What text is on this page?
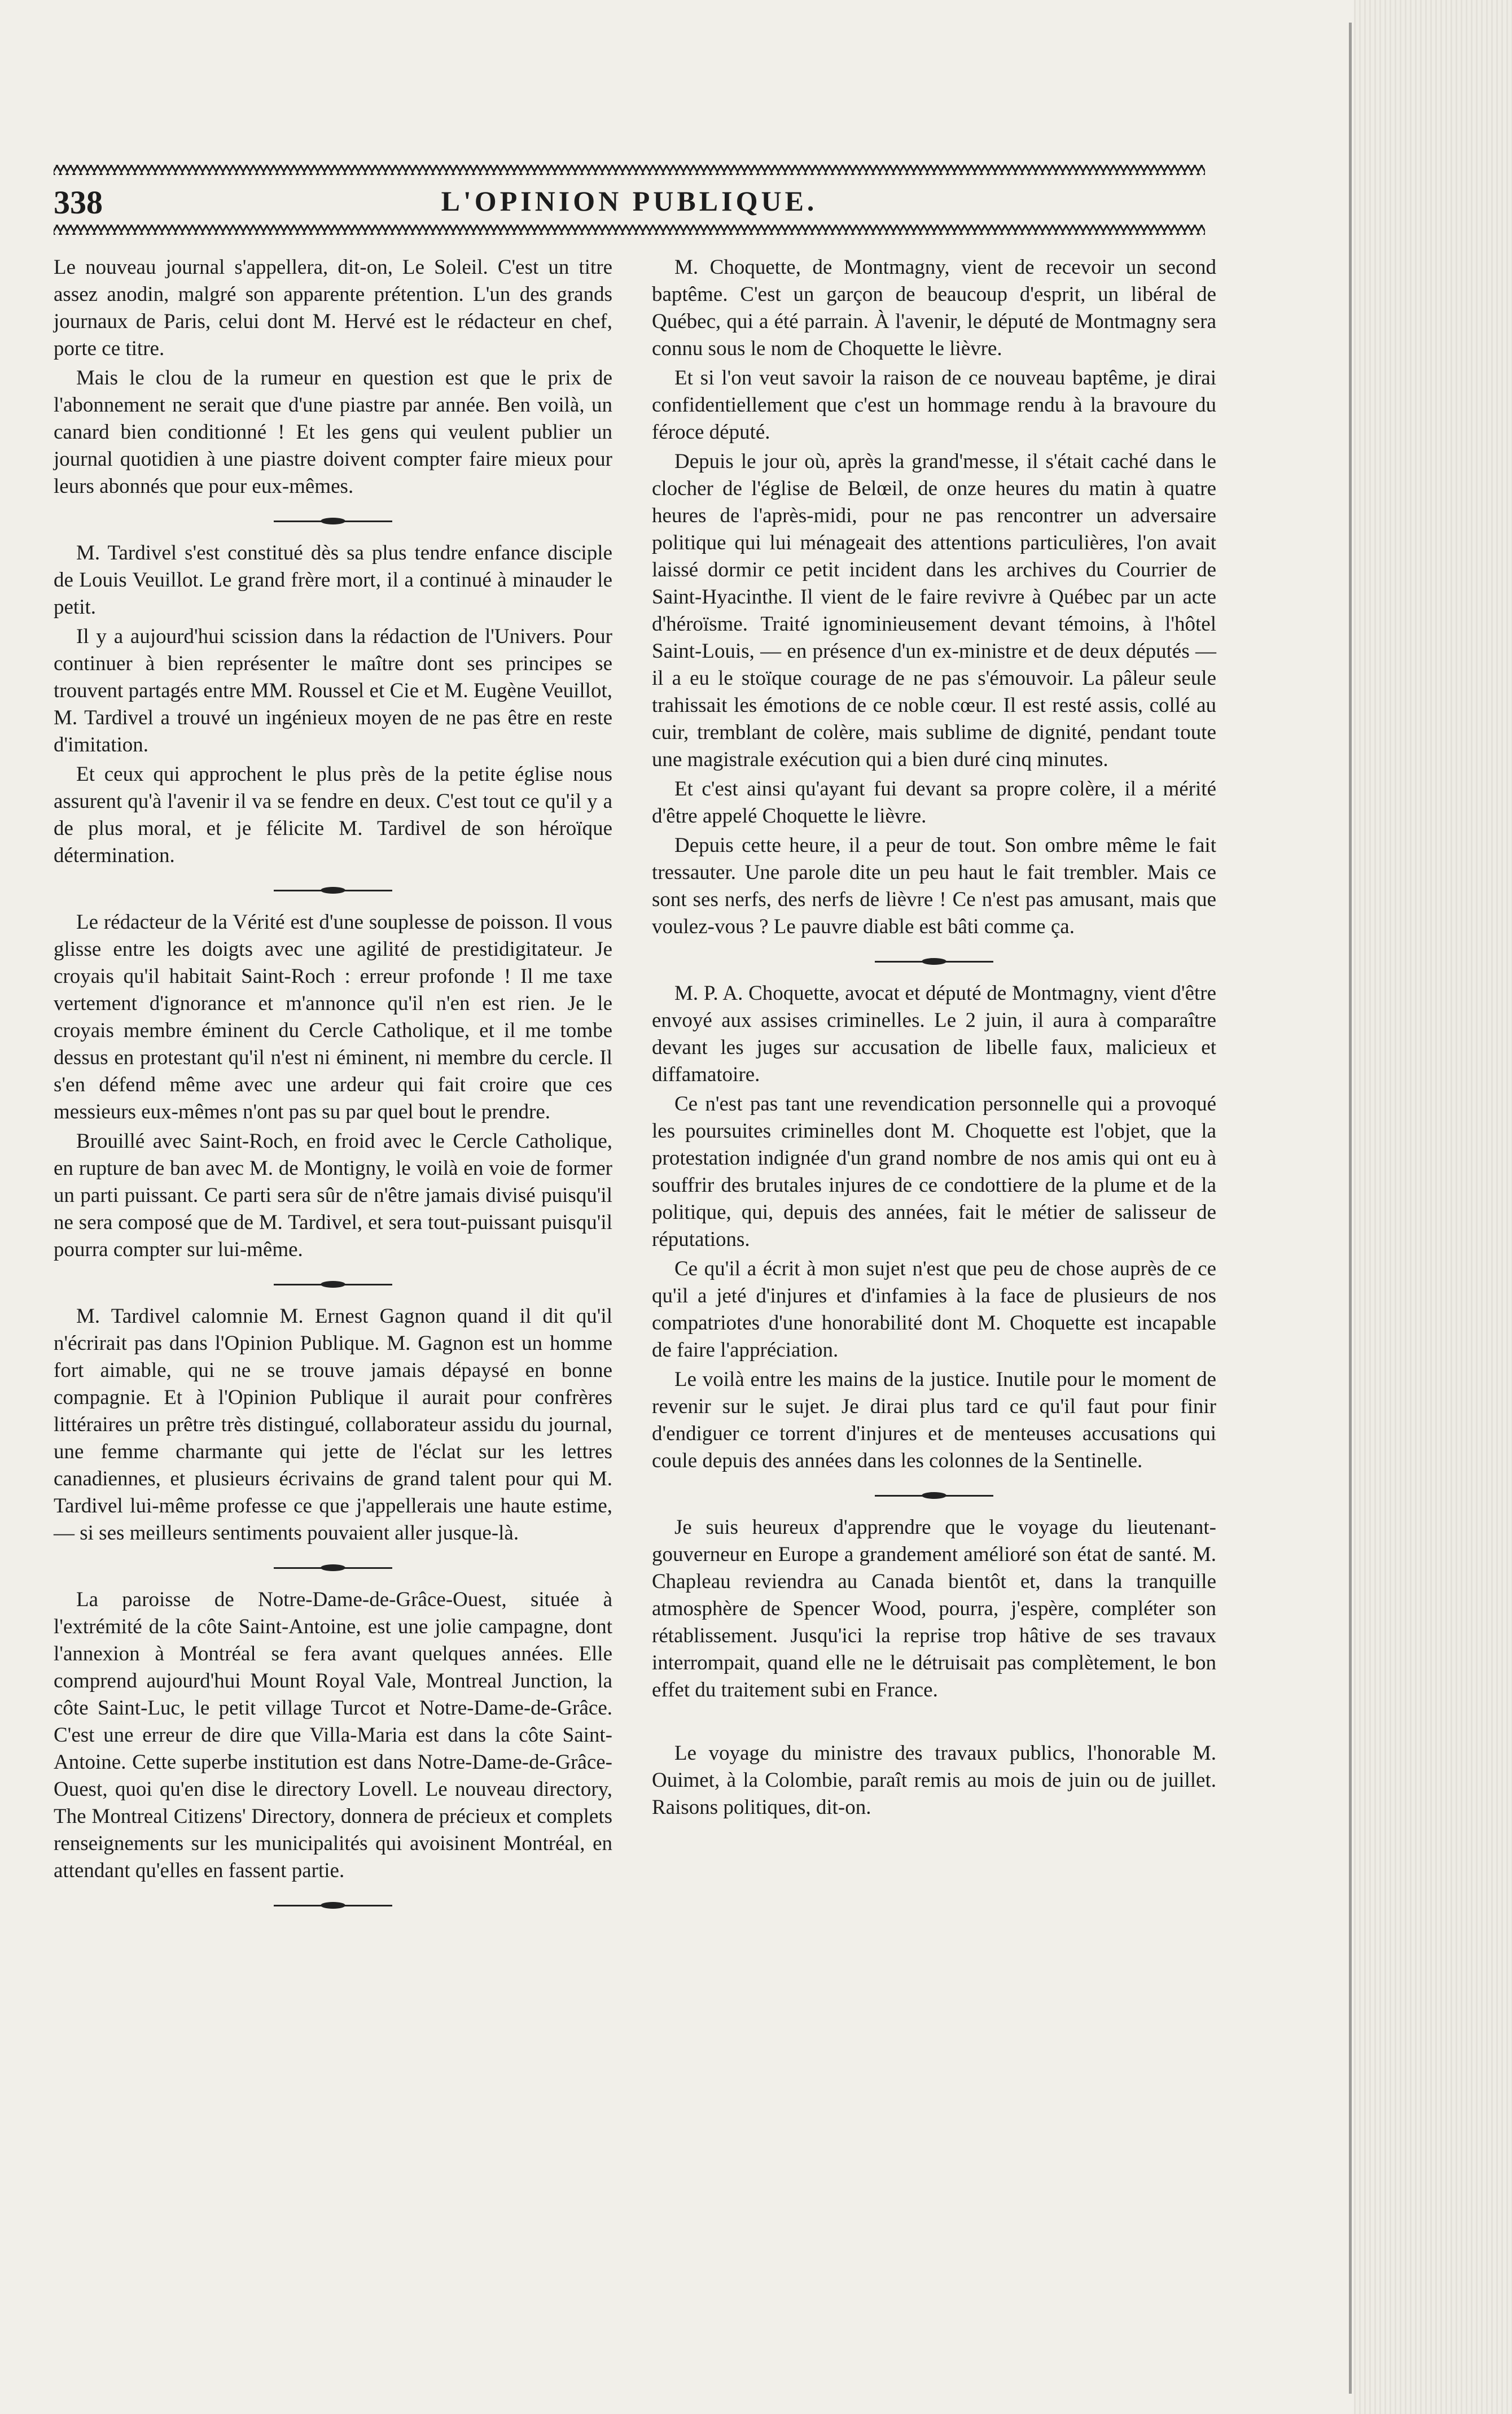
338	L'OPINION PUBLIQUE.

Le nouveau journal s'appellera, dit-on, Le Soleil. C'est un titre assez anodin, malgré son apparente prétention. L'un des grands journaux de Paris, celui dont M. Hervé est le rédacteur en chef, porte ce titre.

Mais le clou de la rumeur en question est que le prix de l'abonnement ne serait que d'une piastre par année. Ben voilà, un canard bien conditionné ! Et les gens qui veulent publier un journal quotidien à une piastre doivent compter faire mieux pour leurs abonnés que pour eux-mêmes.

M. Tardivel s'est constitué dès sa plus tendre enfance disciple de Louis Veuillot. Le grand frère mort, il a continué à minauder le petit.

Il y a aujourd'hui scission dans la rédaction de l'Univers. Pour continuer à bien représenter le maître dont ses principes se trouvent partagés entre MM. Roussel et Cie et M. Eugène Veuillot, M. Tardivel a trouvé un ingénieux moyen de ne pas être en reste d'imitation.

Et ceux qui approchent le plus près de la petite église nous assurent qu'à l'avenir il va se fendre en deux. C'est tout ce qu'il y a de plus moral, et je félicite M. Tardivel de son héroïque détermination.

Le rédacteur de la Vérité est d'une souplesse de poisson. Il vous glisse entre les doigts avec une agilité de prestidigitateur. Je croyais qu'il habitait Saint-Roch : erreur profonde ! Il me taxe vertement d'ignorance et m'annonce qu'il n'en est rien. Je le croyais membre éminent du Cercle Catholique, et il me tombe dessus en protestant qu'il n'est ni éminent, ni membre du cercle. Il s'en défend même avec une ardeur qui fait croire que ces messieurs eux-mêmes n'ont pas su par quel bout le prendre.

Brouillé avec Saint-Roch, en froid avec le Cercle Catholique, en rupture de ban avec M. de Montigny, le voilà en voie de former un parti puissant. Ce parti sera sûr de n'être jamais divisé puisqu'il ne sera composé que de M. Tardivel, et sera tout-puissant puisqu'il pourra compter sur lui-même.

M. Tardivel calomnie M. Ernest Gagnon quand il dit qu'il n'écrirait pas dans l'Opinion Publique. M. Gagnon est un homme fort aimable, qui ne se trouve jamais dépaysé en bonne compagnie. Et à l'Opinion Publique il aurait pour confrères littéraires un prêtre très distingué, collaborateur assidu du journal, une femme charmante qui jette de l'éclat sur les lettres canadiennes, et plusieurs écrivains de grand talent pour qui M. Tardivel lui-même professe ce que j'appellerais une haute estime, — si ses meilleurs sentiments pouvaient aller jusque-là.

La paroisse de Notre-Dame-de-Grâce-Ouest, située à l'extrémité de la côte Saint-Antoine, est une jolie campagne, dont l'annexion à Montréal se fera avant quelques années. Elle comprend aujourd'hui Mount Royal Vale, Montreal Junction, la côte Saint-Luc, le petit village Turcot et Notre-Dame-de-Grâce. C'est une erreur de dire que Villa-Maria est dans la côte Saint-Antoine. Cette superbe institution est dans Notre-Dame-de-Grâce-Ouest, quoi qu'en dise le directory Lovell. Le nouveau directory, The Montreal Citizens' Directory, donnera de précieux et complets renseignements sur les municipalités qui avoisinent Montréal, en attendant qu'elles en fassent partie.

M. Choquette, de Montmagny, vient de recevoir un second baptême. C'est un garçon de beaucoup d'esprit, un libéral de Québec, qui a été parrain. À l'avenir, le député de Montmagny sera connu sous le nom de Choquette le lièvre.

Et si l'on veut savoir la raison de ce nouveau baptême, je dirai confidentiellement que c'est un hommage rendu à la bravoure du féroce député.

Depuis le jour où, après la grand'messe, il s'était caché dans le clocher de l'église de Belœil, de onze heures du matin à quatre heures de l'après-midi, pour ne pas rencontrer un adversaire politique qui lui ménageait des attentions particulières, l'on avait laissé dormir ce petit incident dans les archives du Courrier de Saint-Hyacinthe. Il vient de le faire revivre à Québec par un acte d'héroïsme. Traité ignominieusement devant témoins, à l'hôtel Saint-Louis, — en présence d'un ex-ministre et de deux députés — il a eu le stoïque courage de ne pas s'émouvoir. La pâleur seule trahissait les émotions de ce noble cœur. Il est resté assis, collé au cuir, tremblant de colère, mais sublime de dignité, pendant toute une magistrale exécution qui a bien duré cinq minutes.

Et c'est ainsi qu'ayant fui devant sa propre colère, il a mérité d'être appelé Choquette le lièvre.

Depuis cette heure, il a peur de tout. Son ombre même le fait tressauter. Une parole dite un peu haut le fait trembler. Mais ce sont ses nerfs, des nerfs de lièvre ! Ce n'est pas amusant, mais que voulez-vous ? Le pauvre diable est bâti comme ça.

M. P. A. Choquette, avocat et député de Montmagny, vient d'être envoyé aux assises criminelles. Le 2 juin, il aura à comparaître devant les juges sur accusation de libelle faux, malicieux et diffamatoire.

Ce n'est pas tant une revendication personnelle qui a provoqué les poursuites criminelles dont M. Choquette est l'objet, que la protestation indignée d'un grand nombre de nos amis qui ont eu à souffrir des brutales injures de ce condottiere de la plume et de la politique, qui, depuis des années, fait le métier de salisseur de réputations.

Ce qu'il a écrit à mon sujet n'est que peu de chose auprès de ce qu'il a jeté d'injures et d'infamies à la face de plusieurs de nos compatriotes d'une honorabilité dont M. Choquette est incapable de faire l'appréciation.

Le voilà entre les mains de la justice. Inutile pour le moment de revenir sur le sujet. Je dirai plus tard ce qu'il faut pour finir d'endiguer ce torrent d'injures et de menteuses accusations qui coule depuis des années dans les colonnes de la Sentinelle.

Je suis heureux d'apprendre que le voyage du lieutenant-gouverneur en Europe a grandement amélioré son état de santé. M. Chapleau reviendra au Canada bientôt et, dans la tranquille atmosphère de Spencer Wood, pourra, j'espère, compléter son rétablissement. Jusqu'ici la reprise trop hâtive de ses travaux interrompait, quand elle ne le détruisait pas complètement, le bon effet du traitement subi en France.

Le voyage du ministre des travaux publics, l'honorable M. Ouimet, à la Colombie, paraît remis au mois de juin ou de juillet. Raisons politiques, dit-on.
